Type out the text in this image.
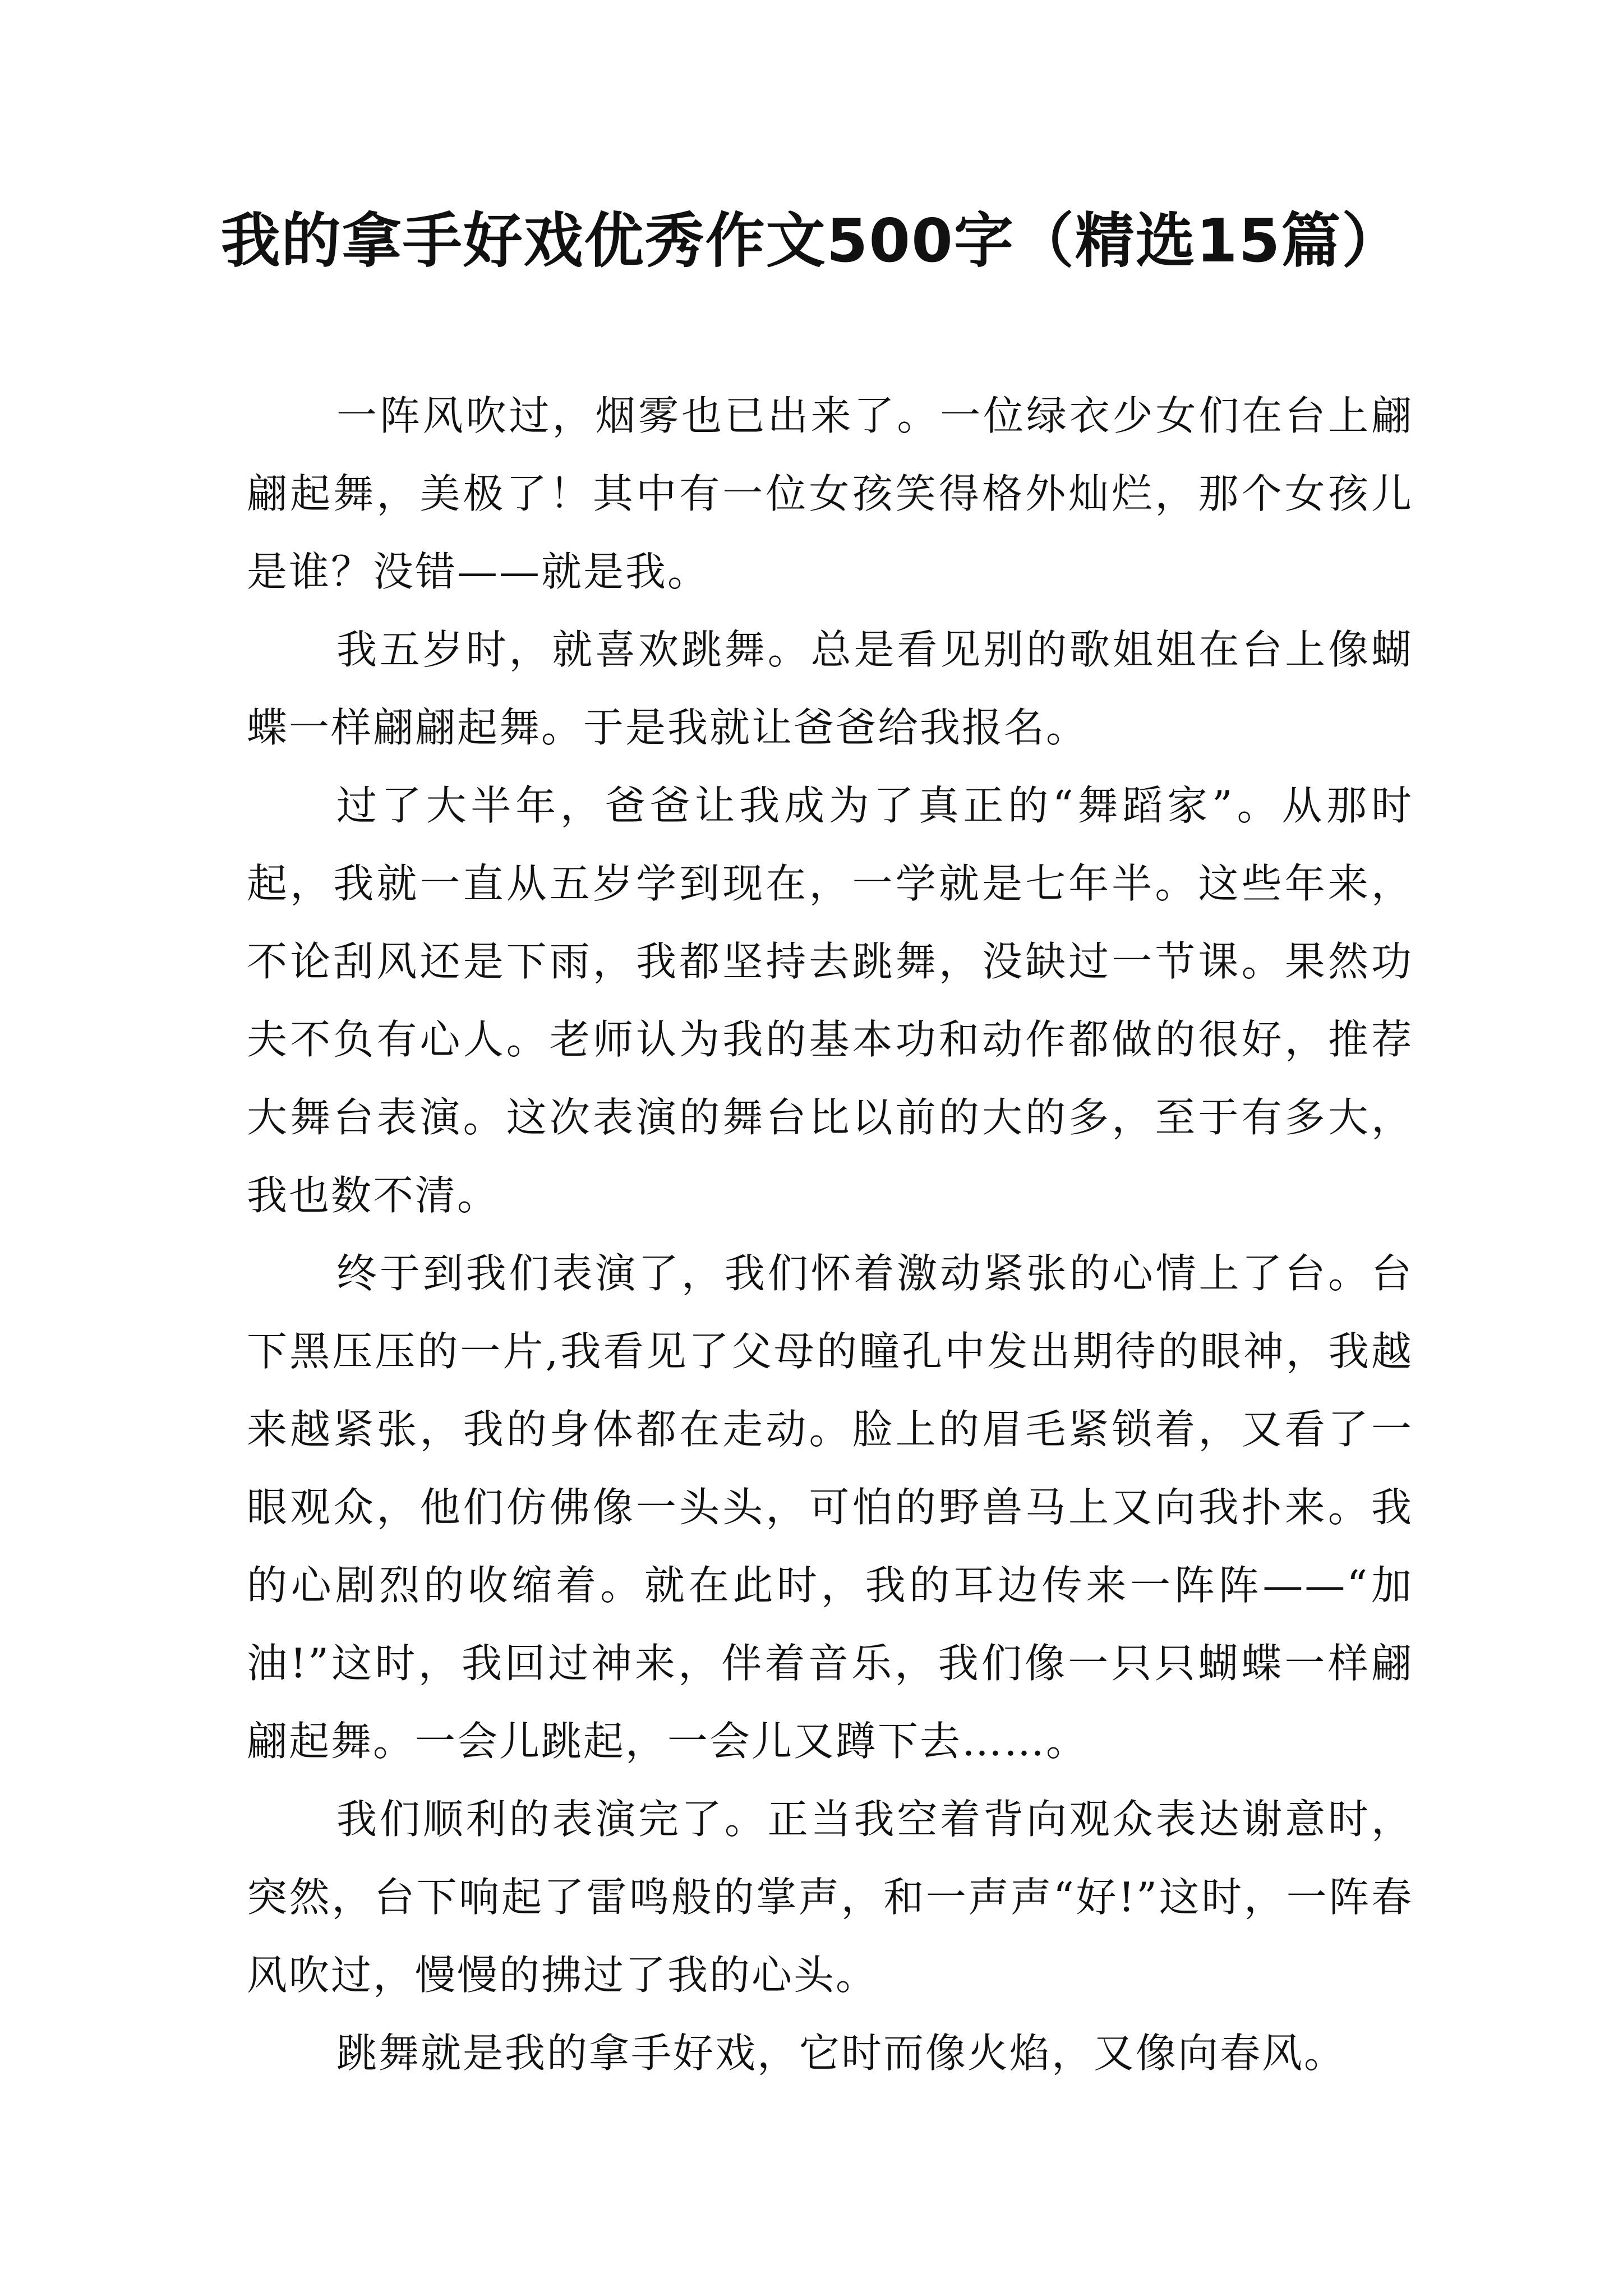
我的拿手好戏优秀作文500字（精选15篇）

一阵风吹过，烟雾也已出来了。一位绿衣少女们在台上翩翩起舞，美极了！其中有一位女孩笑得格外灿烂，那个女孩儿是谁？没错——就是我。

我五岁时，就喜欢跳舞。总是看见别的歌姐姐在台上像蝴蝶一样翩翩起舞。于是我就让爸爸给我报名。

过了大半年，爸爸让我成为了真正的“舞蹈家”。从那时起，我就一直从五岁学到现在，一学就是七年半。这些年来，不论刮风还是下雨，我都坚持去跳舞，没缺过一节课。果然功夫不负有心人。老师认为我的基本功和动作都做的很好，推荐大舞台表演。这次表演的舞台比以前的大的多，至于有多大，我也数不清。

终于到我们表演了，我们怀着激动紧张的心情上了台。台下黑压压的一片,我看见了父母的瞳孔中发出期待的眼神，我越来越紧张，我的身体都在走动。脸上的眉毛紧锁着，又看了一眼观众，他们仿佛像一头头，可怕的野兽马上又向我扑来。我的心剧烈的收缩着。就在此时，我的耳边传来一阵阵——“加油!”这时，我回过神来，伴着音乐，我们像一只只蝴蝶一样翩翩起舞。一会儿跳起，一会儿又蹲下去……。

我们顺利的表演完了。正当我空着背向观众表达谢意时，突然，台下响起了雷鸣般的掌声，和一声声“好!”这时，一阵春风吹过，慢慢的拂过了我的心头。

跳舞就是我的拿手好戏，它时而像火焰，又像向春风。
